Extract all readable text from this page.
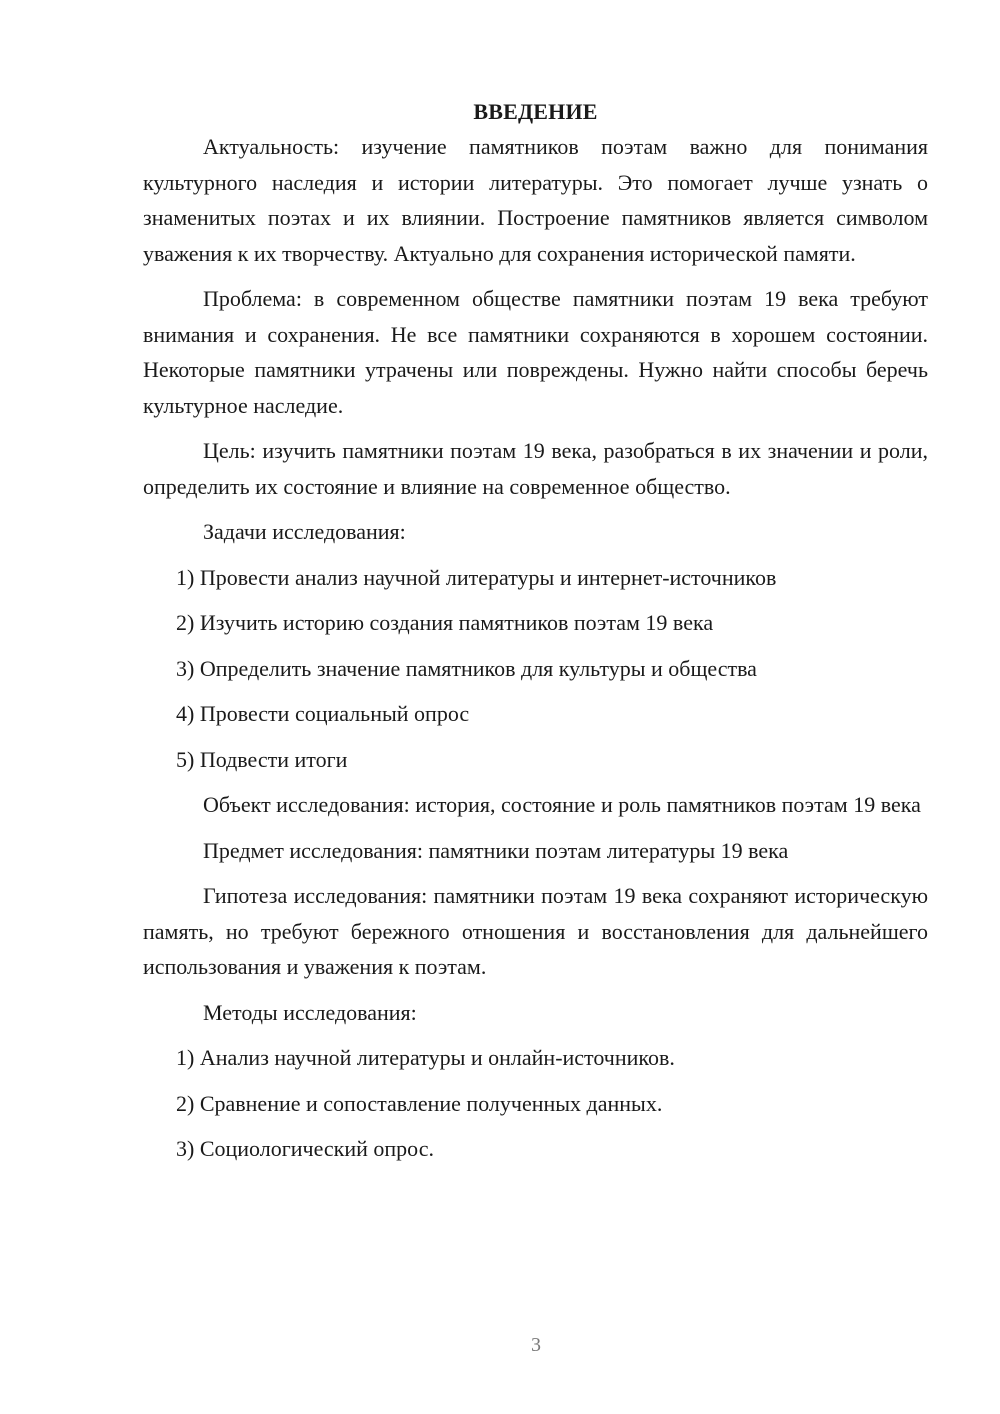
ВВЕДЕНИЕ

Актуальность: изучение памятников поэтам важно для понимания культурного наследия и истории литературы. Это помогает лучше узнать о знаменитых поэтах и их влиянии. Построение памятников является символом уважения к их творчеству. Актуально для сохранения исторической памяти.

Проблема: в современном обществе памятники поэтам 19 века требуют внимания и сохранения. Не все памятники сохраняются в хорошем состоянии. Некоторые памятники утрачены или повреждены. Нужно найти способы беречь культурное наследие.

Цель: изучить памятники поэтам 19 века, разобраться в их значении и роли, определить их состояние и влияние на современное общество.

Задачи исследования:

1) Провести анализ научной литературы и интернет-источников

2) Изучить историю создания памятников поэтам 19 века

3) Определить значение памятников для культуры и общества

4) Провести социальный опрос

5) Подвести итоги

Объект исследования: история, состояние и роль памятников поэтам 19 века

Предмет исследования: памятники поэтам литературы 19 века

Гипотеза исследования: памятники поэтам 19 века сохраняют историческую память, но требуют бережного отношения и восстановления для дальнейшего использования и уважения к поэтам.

Методы исследования:

1) Анализ научной литературы и онлайн-источников.

2) Сравнение и сопоставление полученных данных.

3) Социологический опрос.

3
